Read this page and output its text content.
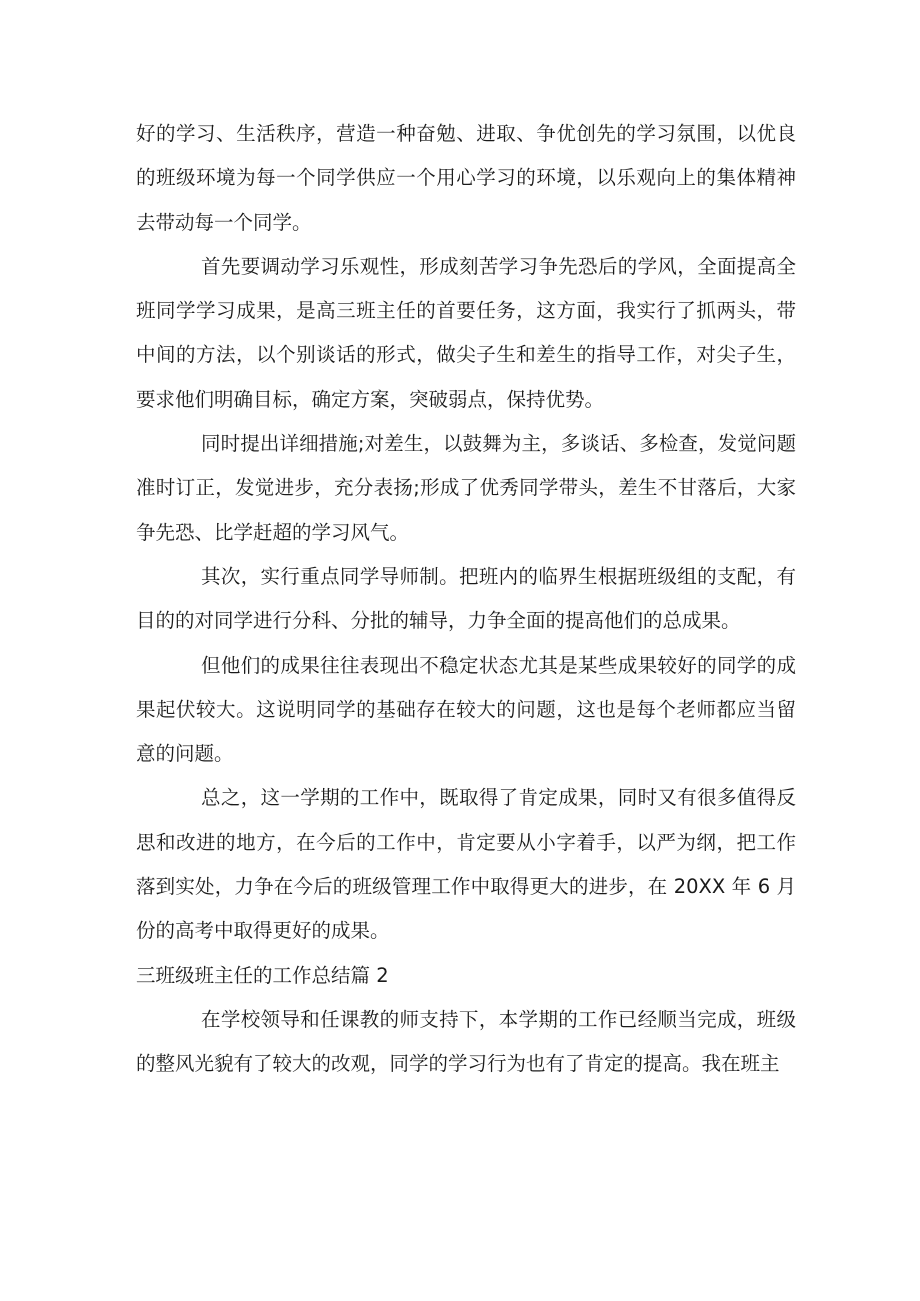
好的学习、生活秩序，营造一种奋勉、进取、争优创先的学习氛围，以优良的班级环境为每一个同学供应一个用心学习的环境，以乐观向上的集体精神去带动每一个同学。

首先要调动学习乐观性，形成刻苦学习争先恐后的学风，全面提高全班同学学习成果，是高三班主任的首要任务，这方面，我实行了抓两头，带中间的方法，以个别谈话的形式，做尖子生和差生的指导工作，对尖子生，要求他们明确目标，确定方案，突破弱点，保持优势。

同时提出详细措施;对差生，以鼓舞为主，多谈话、多检查，发觉问题准时订正，发觉进步，充分表扬;形成了优秀同学带头，差生不甘落后，大家争先恐、比学赶超的学习风气。

其次，实行重点同学导师制。把班内的临界生根据班级组的支配，有目的的对同学进行分科、分批的辅导，力争全面的提高他们的总成果。

但他们的成果往往表现出不稳定状态尤其是某些成果较好的同学的成果起伏较大。这说明同学的基础存在较大的问题，这也是每个老师都应当留意的问题。

总之，这一学期的工作中，既取得了肯定成果，同时又有很多值得反思和改进的地方，在今后的工作中，肯定要从小字着手，以严为纲，把工作落到实处，力争在今后的班级管理工作中取得更大的进步，在 20XX 年 6 月份的高考中取得更好的成果。

三班级班主任的工作总结篇 2

在学校领导和任课教的师支持下，本学期的工作已经顺当完成，班级的整风光貌有了较大的改观，同学的学习行为也有了肯定的提高。我在班主
